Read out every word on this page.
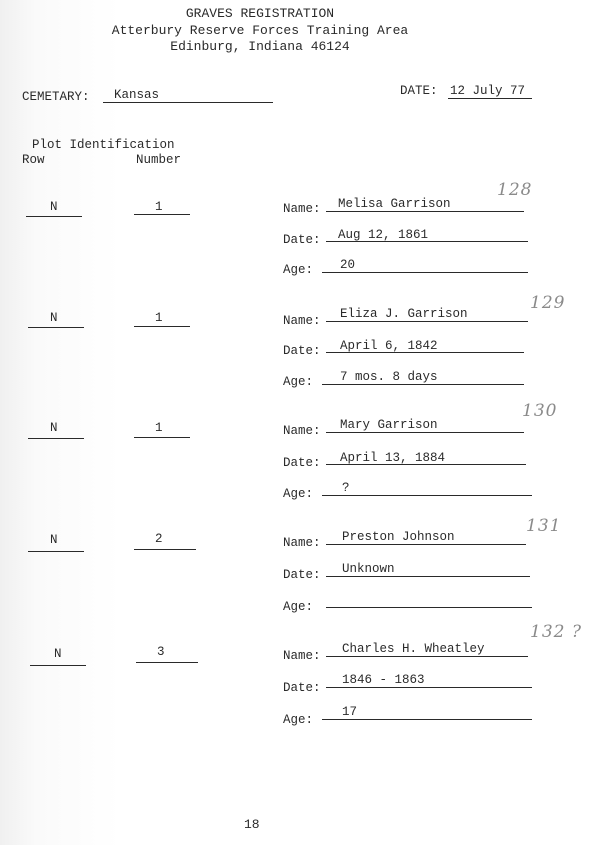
GRAVES REGISTRATION
Atterbury Reserve Forces Training Area
Edinburg, Indiana 46124
CEMETARY: Kansas	DATE: 12 July 77
Plot Identification
Row	Number
N	1	Name: Melisa Garrison
128
Date: Aug 12, 1861
Age: 20
N	1	Name: Eliza J. Garrison
129
Date: April 6, 1842
Age: 7 mos. 8 days
N	1	Name: Mary Garrison
130
Date: April 13, 1884
Age: ?
N	2	Name: Preston Johnson
131
Date: Unknown
Age:
N	3	Name: Charles H. Wheatley
132 ?
Date:
1846 - 1863
Age:
17
18
